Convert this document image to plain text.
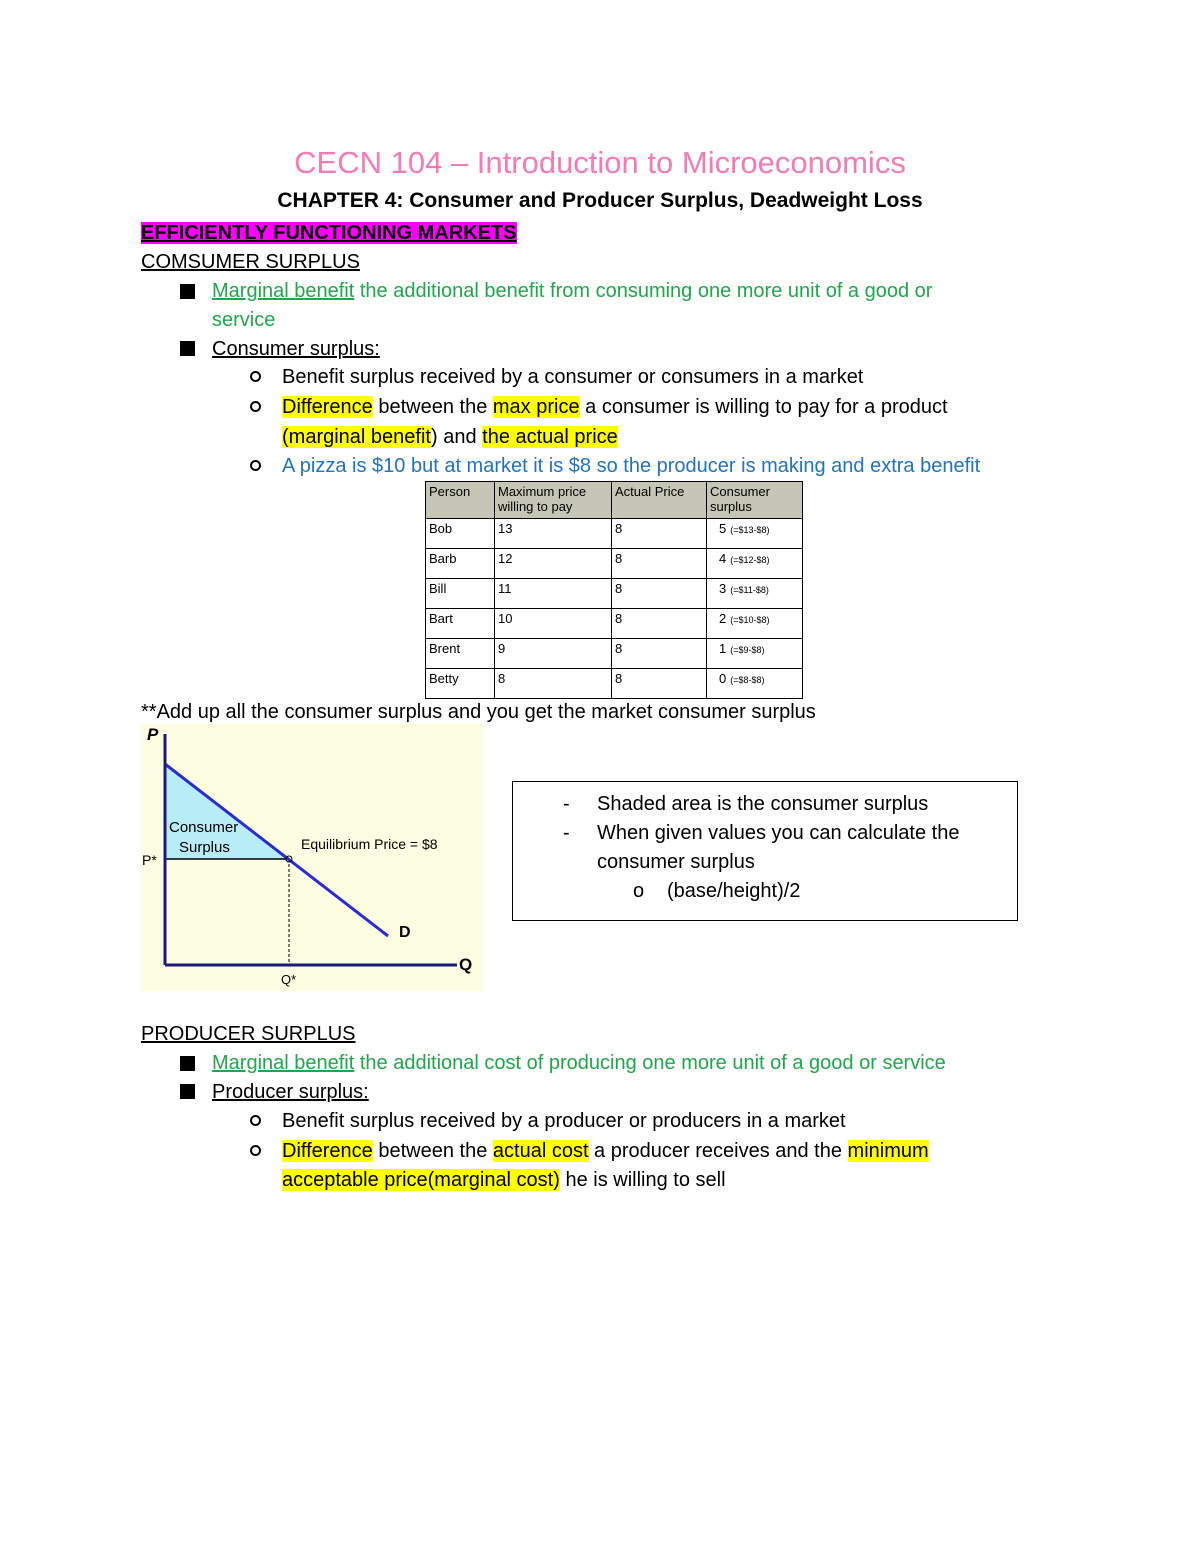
CECN 104 – Introduction to Microeconomics
CHAPTER 4: Consumer and Producer Surplus, Deadweight Loss
EFFICIENTLY FUNCTIONING MARKETS
COMSUMER SURPLUS
Marginal benefit the additional benefit from consuming one more unit of a good or
service
Consumer surplus:
Benefit surplus received by a consumer or consumers in a market
Difference between the max price a consumer is willing to pay for a product
(marginal benefit) and the actual price
A pizza is $10 but at market it is $8 so the producer is making and extra benefit
Person	Maximum price willing to pay	Actual Price	Consumer surplus
Bob	13	8	5 (=$13-$8)
Barb	12	8	4 (=$12-$8)
Bill	11	8	3 (=$11-$8)
Bart	10	8	2 (=$10-$8)
Brent	9	8	1 (=$9-$8)
Betty	8	8	0 (=$8-$8)
**Add up all the consumer surplus and you get the market consumer surplus
P
Q
P*
Q*
D
Consumer
Surplus	Equilibrium Price = $8
- Shaded area is the consumer surplus
- When given values you can calculate the
consumer surplus
o (base/height)/2
PRODUCER SURPLUS
Marginal benefit the additional cost of producing one more unit of a good or service
Producer surplus:
Benefit surplus received by a producer or producers in a market
Difference between the actual cost a producer receives and the minimum
acceptable price(marginal cost) he is willing to sell
